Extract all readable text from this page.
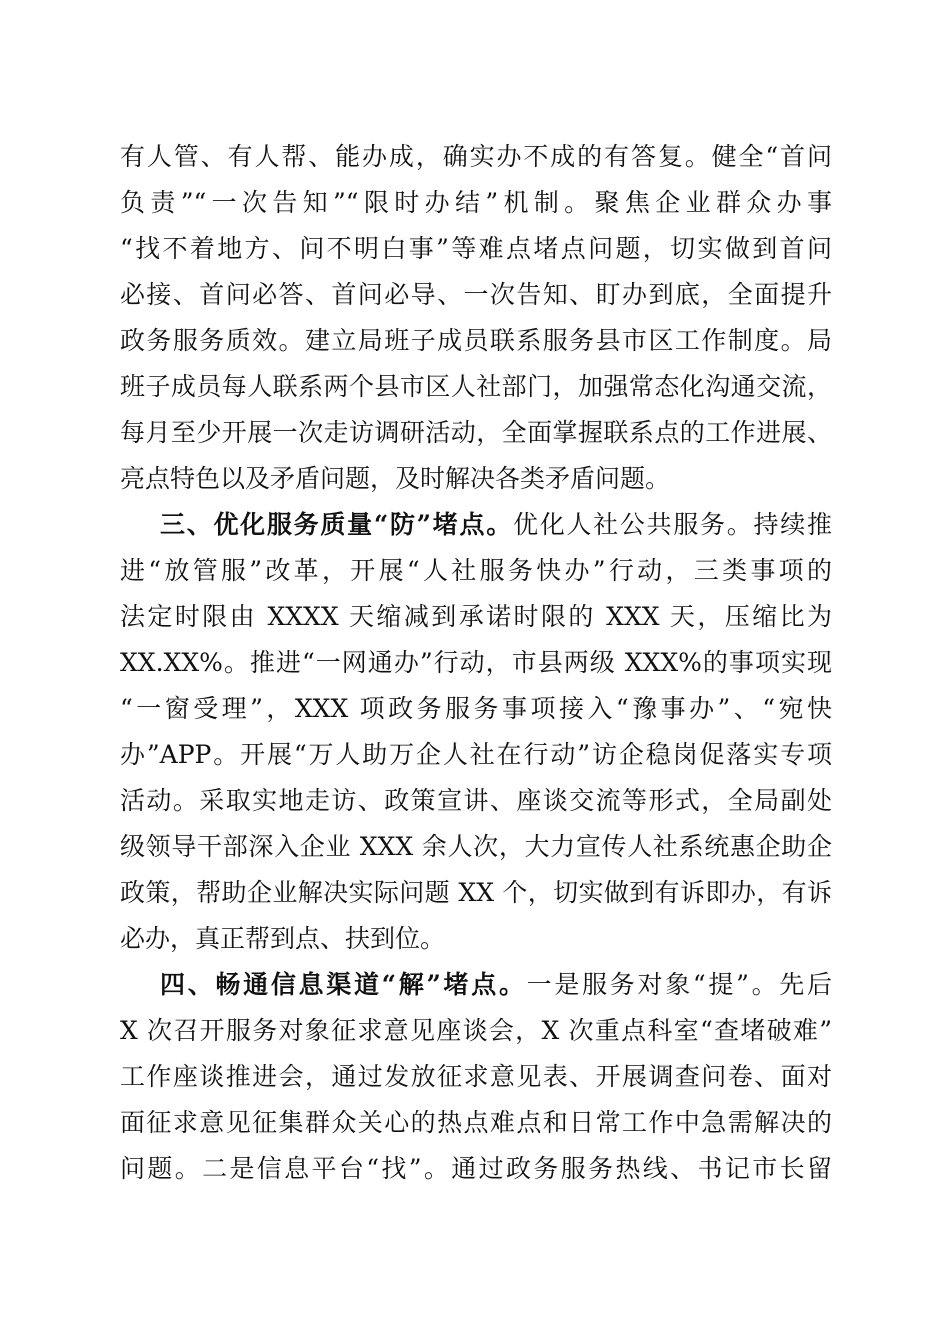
有人管、有人帮、能办成，确实办不成的有答复。健全“首问
负责”“一次告知”“限时办结”机制。聚焦企业群众办事
“找不着地方、问不明白事”等难点堵点问题，切实做到首问
必接、首问必答、首问必导、一次告知、盯办到底，全面提升
政务服务质效。建立局班子成员联系服务县市区工作制度。局
班子成员每人联系两个县市区人社部门，加强常态化沟通交流，
每月至少开展一次走访调研活动，全面掌握联系点的工作进展、
亮点特色以及矛盾问题，及时解决各类矛盾问题。
三、优化服务质量“防”堵点。优化人社公共服务。持续推
进“放管服”改革，开展“人社服务快办”行动，三类事项的
法定时限由 XXXX 天缩减到承诺时限的 XXX 天，压缩比为
XX.XX%。推进“一网通办”行动，市县两级 XXX%的事项实现
“一窗受理”，XXX 项政务服务事项接入“豫事办”、“宛快
办”APP。开展“万人助万企人社在行动”访企稳岗促落实专项
活动。采取实地走访、政策宣讲、座谈交流等形式，全局副处
级领导干部深入企业 XXX 余人次，大力宣传人社系统惠企助企
政策，帮助企业解决实际问题 XX 个，切实做到有诉即办，有诉
必办，真正帮到点、扶到位。
四、畅通信息渠道“解”堵点。一是服务对象“提”。先后
X 次召开服务对象征求意见座谈会，X 次重点科室“查堵破难”
工作座谈推进会，通过发放征求意见表、开展调查问卷、面对
面征求意见征集群众关心的热点难点和日常工作中急需解决的
问题。二是信息平台“找”。通过政务服务热线、书记市长留
